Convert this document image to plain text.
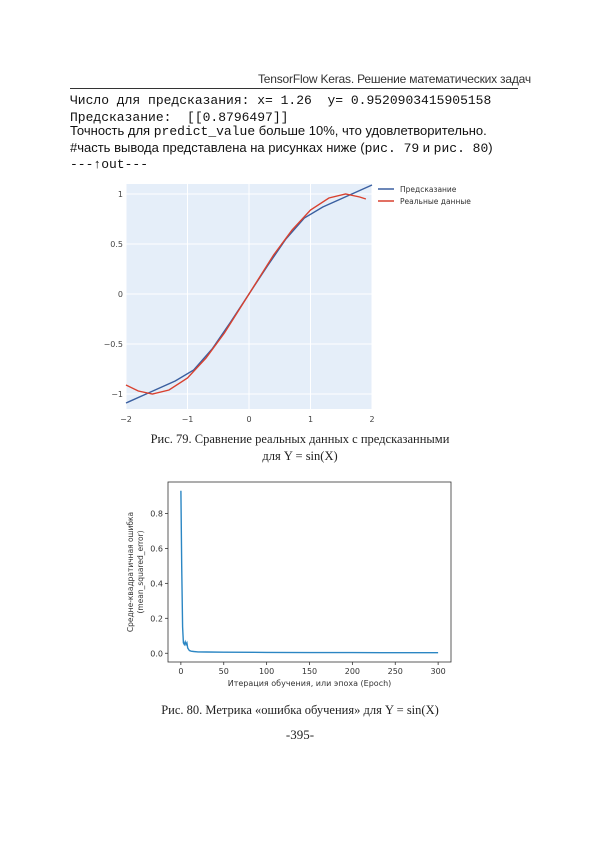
TensorFlow Keras. Решение математических задач
Число для предсказания: x= 1.26  y= 0.9520903415905158
Предсказание:  [[0.8796497]]
Точность для predict_value больше 10%, что удовлетворительно.
#часть вывода представлена на рисунках ниже (рис. 79 и рис. 80)
---↑out---
−2	−1	0	1	2
−1
−0.5
0
0.5
1
Предсказание
Реальные данные
Рис. 79. Сравнение реальных данных с предсказанными
для Y = sin(X)
0	50	100	150	200	250	300
0.0
0.2
0.4
0.6
0.8
Итерация обучения, или эпоха (Epoch)
Средне-квадратичная ошибка (mean_squared_error)
Рис. 80. Метрика «ошибка обучения» для Y = sin(X)
-395-
